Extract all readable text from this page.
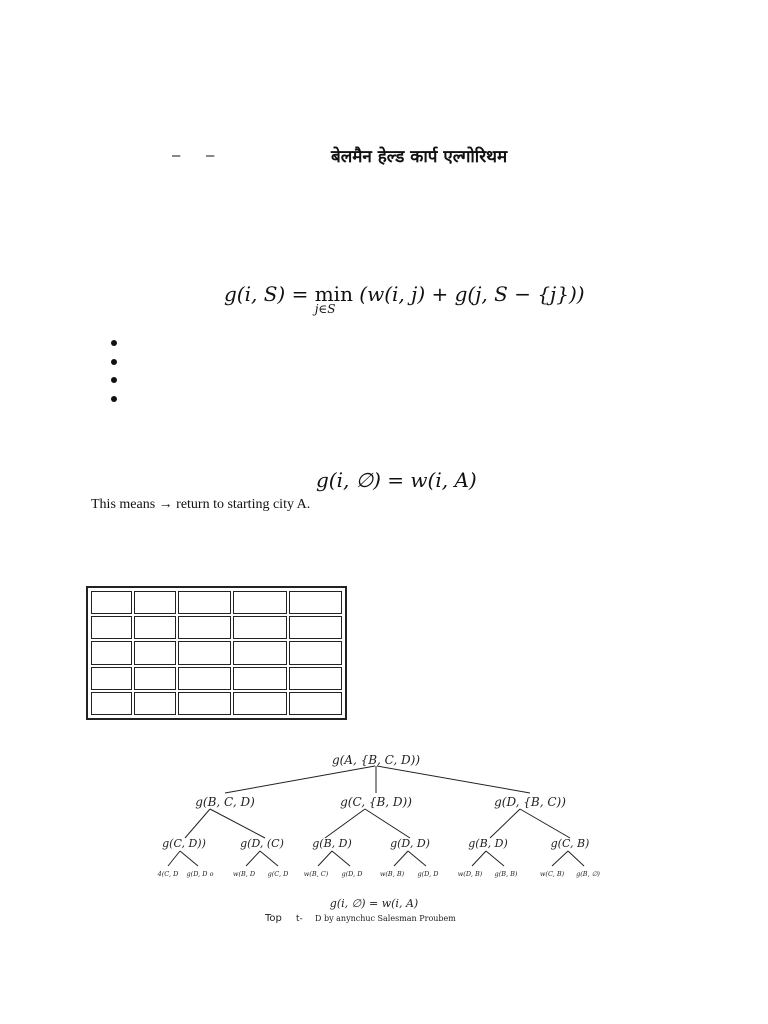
– –	बेलमैन हेल्ड कार्प एल्गोरिथम
g(i, S) = min
j∈S
(w(i, j) + g(j, S − {j}))
g(i, ∅) = w(i, A)
This means → return to starting city A.

g(A, {B, C, D))
g(B, C, D)	g(C, {B, D))	g(D, {B, C))
g(C, D))	g(D, (C)	g(B, D)	g(D, D)	g(B, D)	g(C, B)
4(C, D g(D, D o	w(B, D g(C, D w(B, C) g(D, D	w(B, B) g(D, D	w(D, B) g(B, B)	w(C, B) g(B, ∅)
g(i, ∅) = w(i, A)
Top t- D by anynchuc Salesman Proubem
